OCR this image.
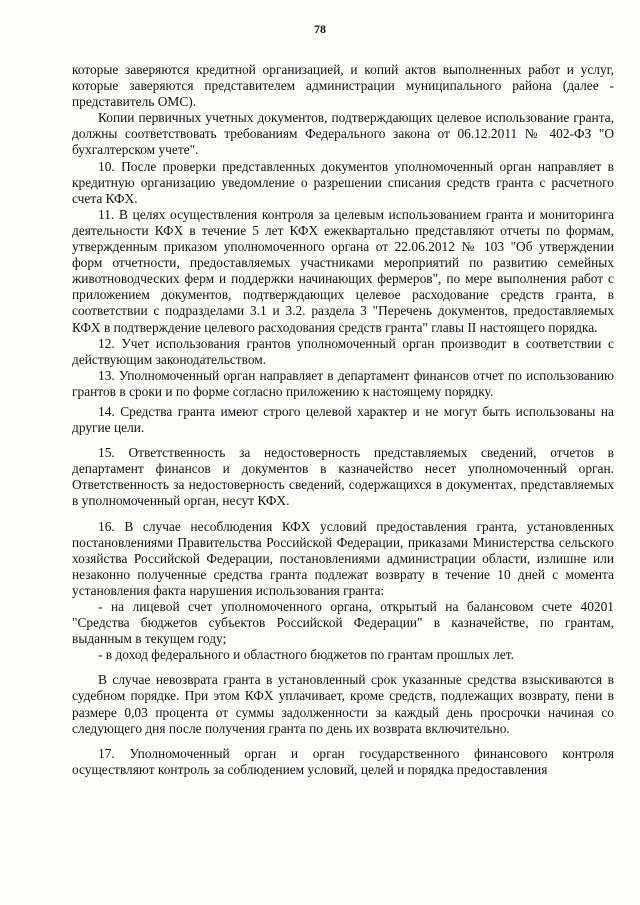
78

которые заверяются кредитной организацией, и копий актов выполненных работ и услуг, которые заверяются представителем администрации муниципального района (далее - представитель ОМС).

Копии первичных учетных документов, подтверждающих целевое использование гранта, должны соответствовать требованиям Федерального закона от 06.12.2011 № 402-ФЗ "О бухгалтерском учете".

10. После проверки представленных документов уполномоченный орган направляет в кредитную организацию уведомление о разрешении списания средств гранта с расчетного счета КФХ.

11. В целях осуществления контроля за целевым использованием гранта и мониторинга деятельности КФХ в течение 5 лет КФХ ежеквартально представляют отчеты по формам, утвержденным приказом уполномоченного органа от 22.06.2012 № 103 "Об утверждении форм отчетности, предоставляемых участниками мероприятий по развитию семейных животноводческих ферм и поддержки начинающих фермеров", по мере выполнения работ с приложением документов, подтверждающих целевое расходование средств гранта, в соответствии с подразделами 3.1 и 3.2. раздела 3 "Перечень документов, предоставляемых КФХ в подтверждение целевого расходования средств гранта" главы II настоящего порядка.

12. Учет использования грантов уполномоченный орган производит в соответствии с действующим законодательством.

13. Уполномоченный орган направляет в департамент финансов отчет по использованию грантов в сроки и по форме согласно приложению к настоящему порядку.

14. Средства гранта имеют строго целевой характер и не могут быть использованы на другие цели.

15. Ответственность за недостоверность представляемых сведений, отчетов в департамент финансов и документов в казначейство несет уполномоченный орган. Ответственность за недостоверность сведений, содержащихся в документах, представляемых в уполномоченный орган, несут КФХ.

16. В случае несоблюдения КФХ условий предоставления гранта, установленных постановлениями Правительства Российской Федерации, приказами Министерства сельского хозяйства Российской Федерации, постановлениями администрации области, излишне или незаконно полученные средства гранта подлежат возврату в течение 10 дней с момента установления факта нарушения использования гранта:

- на лицевой счет уполномоченного органа, открытый на балансовом счете 40201 "Средства бюджетов субъектов Российской Федерации" в казначействе, по грантам, выданным в текущем году;

- в доход федерального и областного бюджетов по грантам прошлых лет.

В случае невозврата гранта в установленный срок указанные средства взыскиваются в судебном порядке. При этом КФХ уплачивает, кроме средств, подлежащих возврату, пени в размере 0,03 процента от суммы задолженности за каждый день просрочки начиная со следующего дня после получения гранта по день их возврата включительно.

17. Уполномоченный орган и орган государственного финансового контроля осуществляют контроль за соблюдением условий, целей и порядка предоставления
